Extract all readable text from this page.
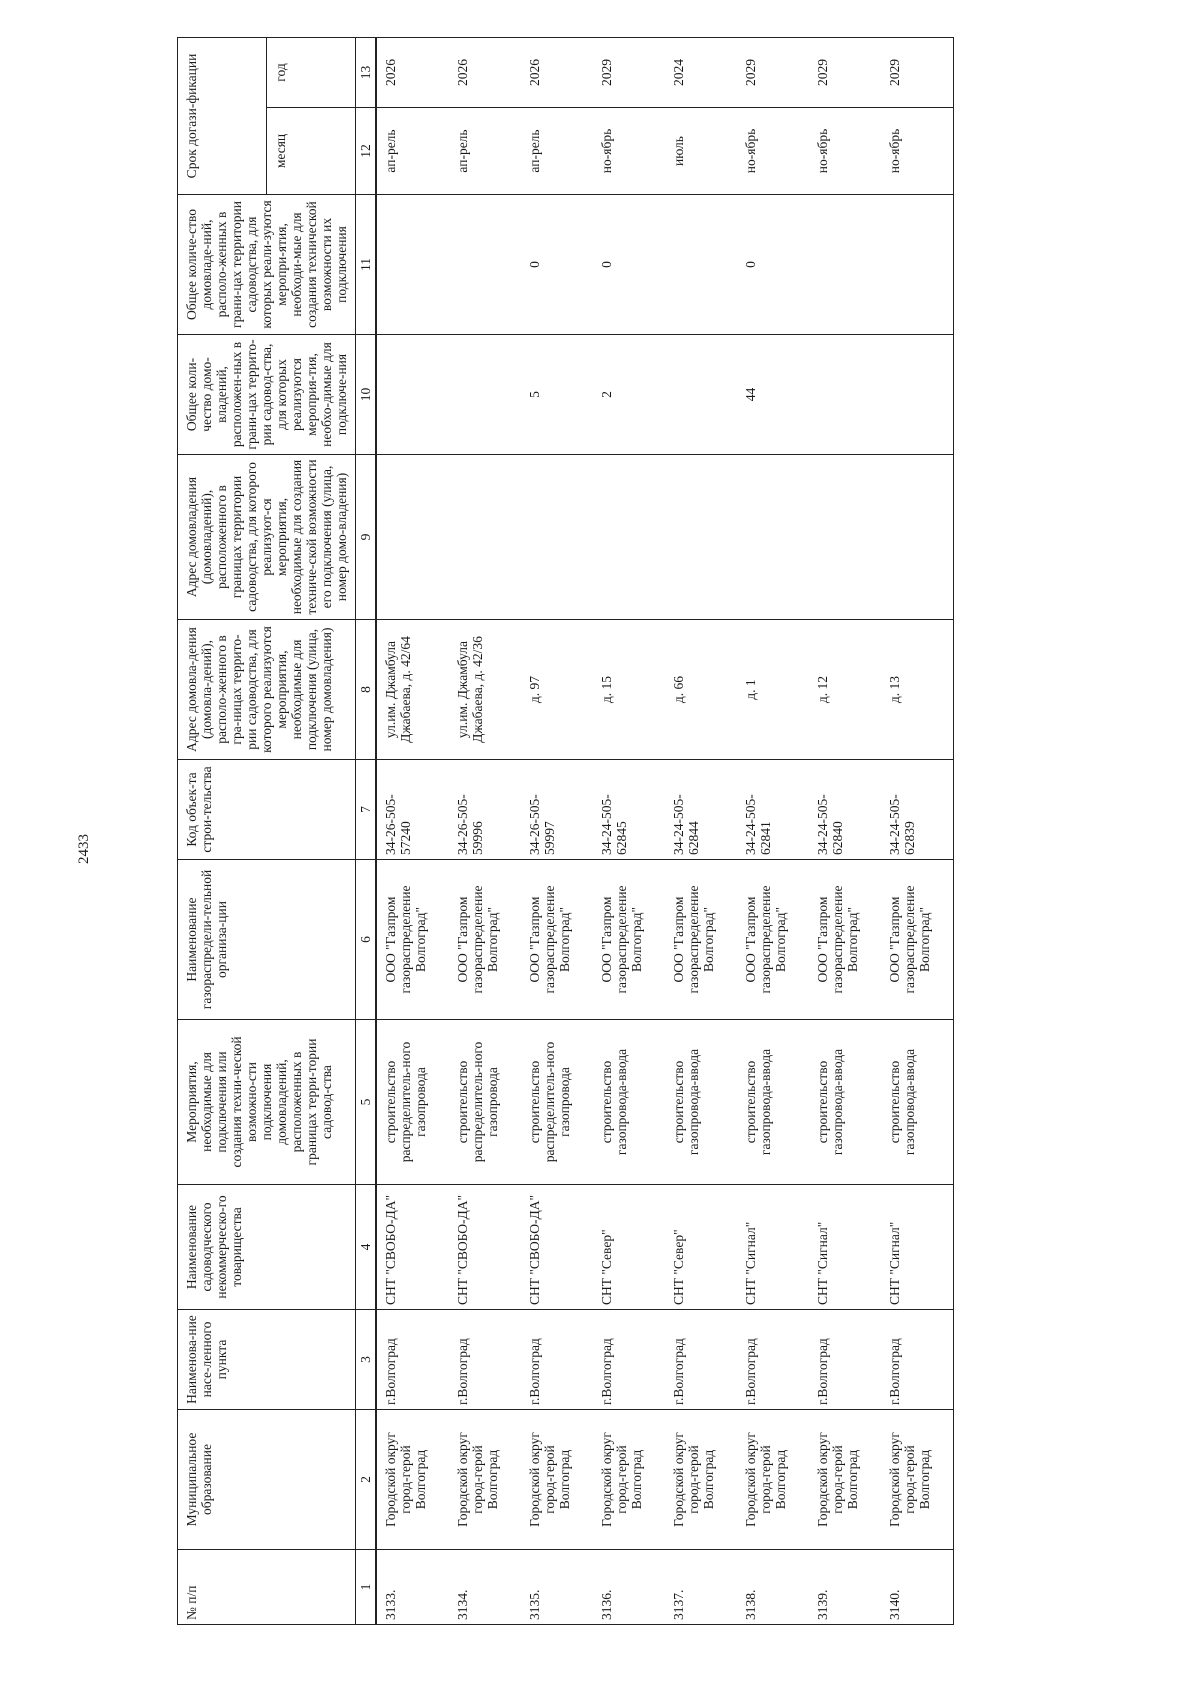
2433
№ п/п	Муниципальное образование	Наименова-ние насе-ленного пункта	Наименование садоводческого некоммерческо-го товарищества	Мероприятия, необходимые для подключения или создания техни-ческой возможно-сти подключения домовладений, расположенных в границах терри-тории садовод-ства	Наименование газораспредели-тельной организа-ции	Код объек-та строи-тельства	Адрес домовла-дения (домовла-дений), располо-женного в гра-ницах террито-рии садоводства, для которого реализуются мероприятия, необходимые для подключения (улица, номер домовладения)	Адрес домовладения (домовладений), расположенного в границах территории садоводства, для которого реализуют-ся мероприятия, необходимые для создания техниче-ской возможности его подключения (улица, номер домо-владения)	Общее коли-чество домо-владений, расположен-ных в грани-цах террито-рии садовод-ства, для которых реализуются мероприя-тия, необхо-димые для подключе-ния	Общее количе-ство домовладе-ний, располо-женных в грани-цах территории садоводства, для которых реали-зуются меропри-ятия, необходи-мые для создания технической возможности их подключения	Срок догази-фикации	
											месяц	год
1	2	3	4	5	6	7	8	9	10	11	12	13
3133.	Городской округ город-герой Волгоград	г.Волгоград	СНТ "СВОБО-ДА"	строительство распределитель-ного газопровода	ООО "Газпром газораспределение Волгоград"	34-26-505-57240	ул.им. Джамбула Джабаева, д. 42/64				ап-рель	2026
3134.	Городской округ город-герой Волгоград	г.Волгоград	СНТ "СВОБО-ДА"	строительство распределитель-ного газопровода	ООО "Газпром газораспределение Волгоград"	34-26-505-59996	ул.им. Джамбула Джабаева, д. 42/36				ап-рель	2026
3135.	Городской округ город-герой Волгоград	г.Волгоград	СНТ "СВОБО-ДА"	строительство распределитель-ного газопровода	ООО "Газпром газораспределение Волгоград"	34-26-505-59997	д. 97		5	0	ап-рель	2026
3136.	Городской округ город-герой Волгоград	г.Волгоград	СНТ "Север"	строительство газопровода-ввода	ООО "Газпром газораспределение Волгоград"	34-24-505-62845	д. 15		2	0	но-ябрь	2029
3137.	Городской округ город-герой Волгоград	г.Волгоград	СНТ "Север"	строительство газопровода-ввода	ООО "Газпром газораспределение Волгоград"	34-24-505-62844	д. 66				июль	2024
3138.	Городской округ город-герой Волгоград	г.Волгоград	СНТ "Сигнал"	строительство газопровода-ввода	ООО "Газпром газораспределение Волгоград"	34-24-505-62841	д. 1		44	0	но-ябрь	2029
3139.	Городской округ город-герой Волгоград	г.Волгоград	СНТ "Сигнал"	строительство газопровода-ввода	ООО "Газпром газораспределение Волгоград"	34-24-505-62840	д. 12				но-ябрь	2029
3140.	Городской округ город-герой Волгоград	г.Волгоград	СНТ "Сигнал"	строительство газопровода-ввода	ООО "Газпром газораспределение Волгоград"	34-24-505-62839	д. 13				но-ябрь	2029
